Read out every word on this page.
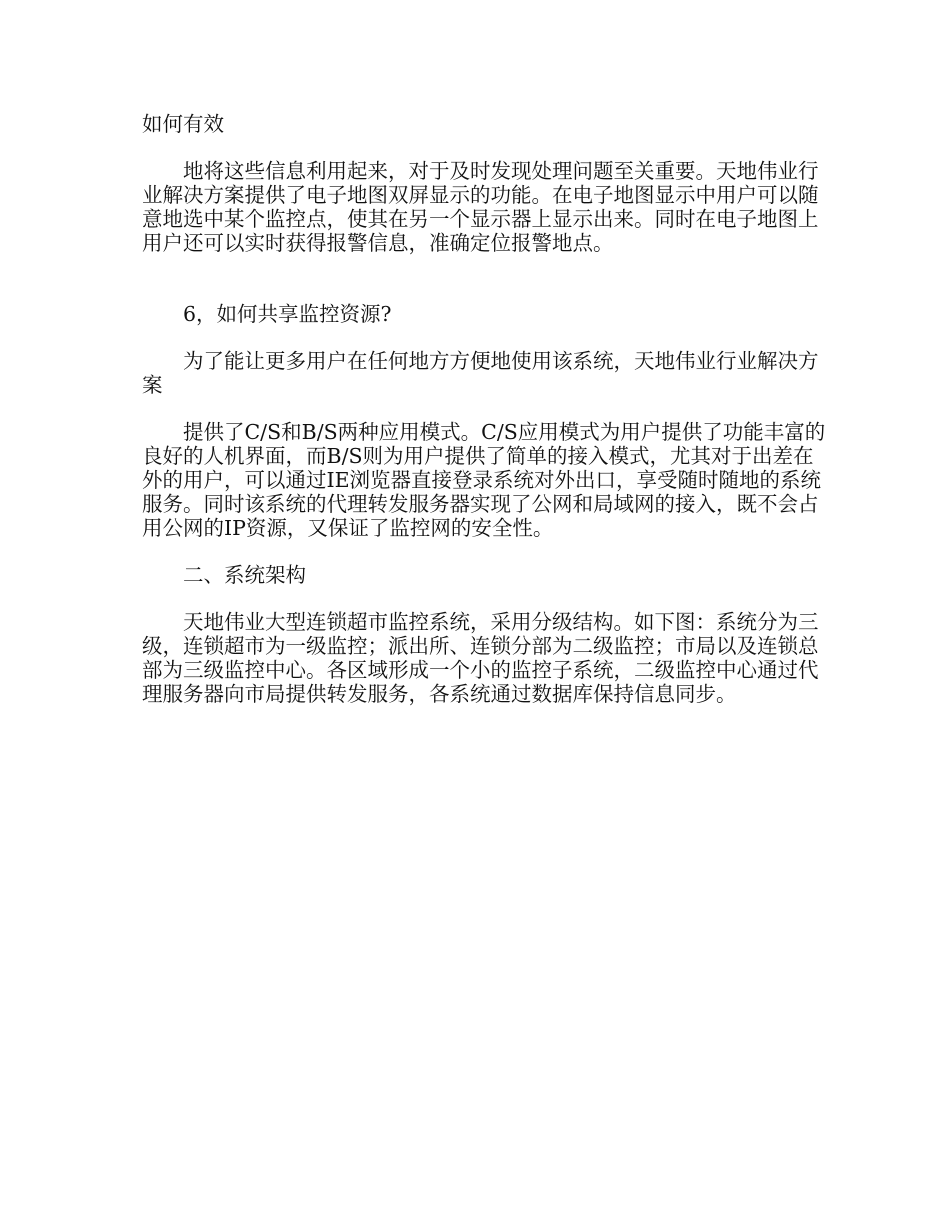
如何有效

地将这些信息利用起来，对于及时发现处理问题至关重要。天地伟业行业解决方案提供了电子地图双屏显示的功能。在电子地图显示中用户可以随意地选中某个监控点，使其在另一个显示器上显示出来。同时在电子地图上用户还可以实时获得报警信息，准确定位报警地点。

6，如何共享监控资源?

为了能让更多用户在任何地方方便地使用该系统，天地伟业行业解决方案

提供了C/S和B/S两种应用模式。C/S应用模式为用户提供了功能丰富的良好的人机界面，而B/S则为用户提供了简单的接入模式，尤其对于出差在外的用户，可以通过IE浏览器直接登录系统对外出口，享受随时随地的系统服务。同时该系统的代理转发服务器实现了公网和局域网的接入，既不会占用公网的IP资源，又保证了监控网的安全性。

二、系统架构

天地伟业大型连锁超市监控系统，采用分级结构。如下图：系统分为三级，连锁超市为一级监控；派出所、连锁分部为二级监控；市局以及连锁总部为三级监控中心。各区域形成一个小的监控子系统，二级监控中心通过代理服务器向市局提供转发服务，各系统通过数据库保持信息同步。
